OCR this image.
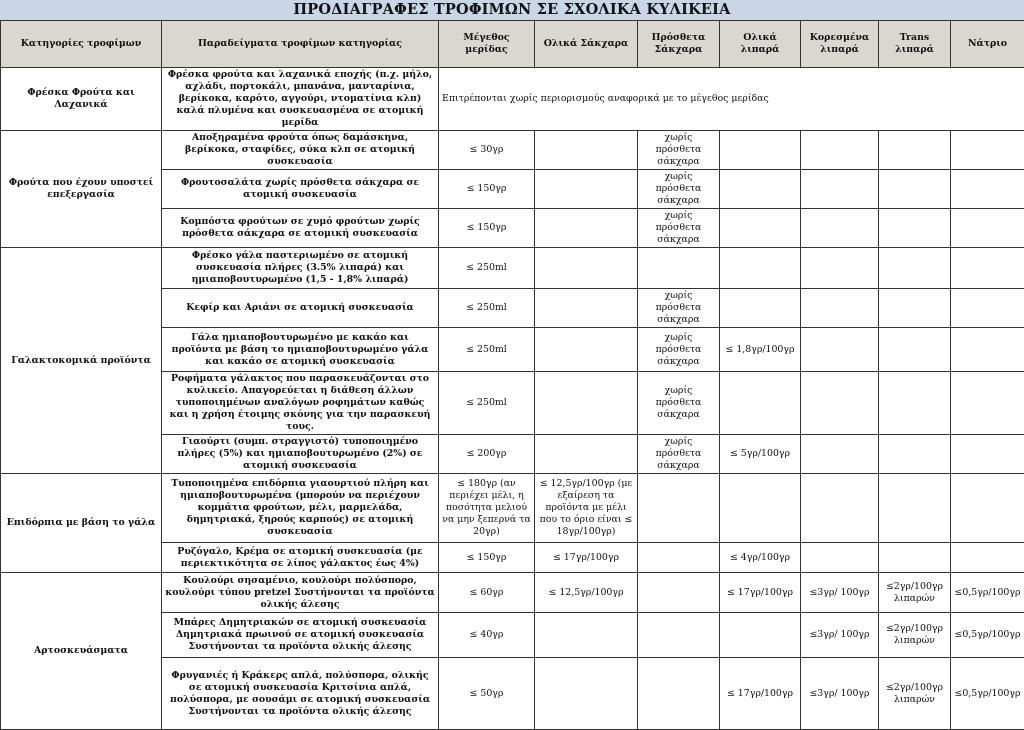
ΠΡΟΔΙΑΓΡΑΦΕΣ ΤΡΟΦΙΜΩΝ ΣΕ ΣΧΟΛΙΚΑ ΚΥΛΙΚΕΙΑ
Κατηγορίες τροφίμων	Παραδείγματα τροφίμων κατηγορίας	Μέγεθος μερίδας	Ολικά Σάκχαρα	Πρόσθετα Σάκχαρα	Ολικά λιπαρά	Κορεσμένα λιπαρά	Trans λιπαρά	Νάτριο
Φρέσκα Φρούτα και Λαχανικά	Φρέσκα φρούτα και λαχανικά εποχής (π.χ. μήλο, αχλάδι, πορτοκάλι, μπανάνα, μανταρίνια, βερίκοκα, καρότο, αγγούρι, ντοματίνια κλπ) καλά πλυμένα και συσκευασμένα σε ατομική μερίδα	Επιτρέπονται χωρίς περιορισμούς αναφορικά με το μέγεθος μερίδας						
Φρούτα που έχουν υποστεί επεξεργασία	Αποξηραμένα φρούτα όπως δαμάσκηνα, βερίκοκα, σταφίδες, σύκα κλπ σε ατομική συσκευασία	≤ 30γρ		χωρίς πρόσθετα σάκχαρα				
	Φρουτοσαλάτα χωρίς πρόσθετα σάκχαρα σε ατομική συσκευασία	≤ 150γρ		χωρίς πρόσθετα σάκχαρα				
	Κομπόστα φρούτων σε χυμό φρούτων χωρίς πρόσθετα σάκχαρα σε ατομική συσκευασία	≤ 150γρ		χωρίς πρόσθετα σάκχαρα				
Γαλακτοκομικά προϊόντα	Φρέσκο γάλα παστεριωμένο σε ατομική συσκευασία πλήρες (3.5% λιπαρά) και ημιαποβουτυρωμένο (1,5 - 1,8% λιπαρά)	≤ 250ml						
	Κεφίρ και Αριάνι σε ατομική συσκευασία	≤ 250ml		χωρίς πρόσθετα σάκχαρα				
	Γάλα ημιαποβουτυρωμένο με κακάο και προϊόντα με βάση το ημιαποβουτυρωμένο γάλα και κακάο σε ατομική συσκευασία	≤ 250ml		χωρίς πρόσθετα σάκχαρα	≤ 1,8γρ/100γρ			
	Ροφήματα γάλακτος που παρασκευάζονται στο κυλικείο. Απαγορεύεται η διάθεση άλλων τυποποιημένων αναλόγων ροφημάτων καθώς και η χρήση έτοιμης σκόνης για την παρασκευή τους.	≤ 250ml		χωρίς πρόσθετα σάκχαρα				
	Γιαούρτι (συμπ. στραγγιστό) τυποποιημένο πλήρες (5%) και ημιαποβουτυρωμένο (2%) σε ατομική συσκευασία	≤ 200γρ		χωρίς πρόσθετα σάκχαρα	≤ 5γρ/100γρ			
Επιδόρπια με βάση το γάλα	Τυποποιημένα επιδόρπια γιαουρτιού πλήρη και ημιαποβουτυρωμένα (μπορούν να περιέχουν κομμάτια φρούτων, μέλι, μαρμελάδα, δημητριακά, ξηρούς καρπούς) σε ατομική συσκευασία	≤ 180γρ (αν περιέχει μέλι, η ποσότητα μελιού να μην ξεπερνά τα 20γρ)	≤ 12,5γρ/100γρ (με εξαίρεση τα προϊόντα με μέλι που το όριο είναι ≤ 18γρ/100γρ)					
	Ρυζόγαλο, Κρέμα σε ατομική συσκευασία (με περιεκτικότητα σε λίπος γάλακτος έως 4%)	≤ 150γρ	≤ 17γρ/100γρ		≤ 4γρ/100γρ			
Αρτοσκευάσματα	Κουλούρι σησαμένιο, κουλούρι πολύσπορο, κουλούρι τύπου pretzel Συστήνονται τα προϊόντα ολικής άλεσης	≤ 60γρ	≤ 12,5γρ/100γρ		≤ 17γρ/100γρ	≤3γρ/ 100γρ	≤2γρ/100γρ λιπαρών	≤0,5γρ/100γρ
	Μπάρες Δημητριακών σε ατομική συσκευασία Δημητριακά πρωινού σε ατομική συσκευασία Συστήνονται τα προϊόντα ολικής άλεσης	≤ 40γρ				≤3γρ/ 100γρ	≤2γρ/100γρ λιπαρών	≤0,5γρ/100γρ
	Φρυγανιές ή Κράκερς απλά, πολύσπορα, ολικής σε ατομική συσκευασία Κριτσίνια απλά, πολύσπορα, με σουσάμι σε ατομική συσκευασία Συστήνονται τα προϊόντα ολικής άλεσης	≤ 50γρ			≤ 17γρ/100γρ	≤3γρ/ 100γρ	≤2γρ/100γρ λιπαρών	≤0,5γρ/100γρ
